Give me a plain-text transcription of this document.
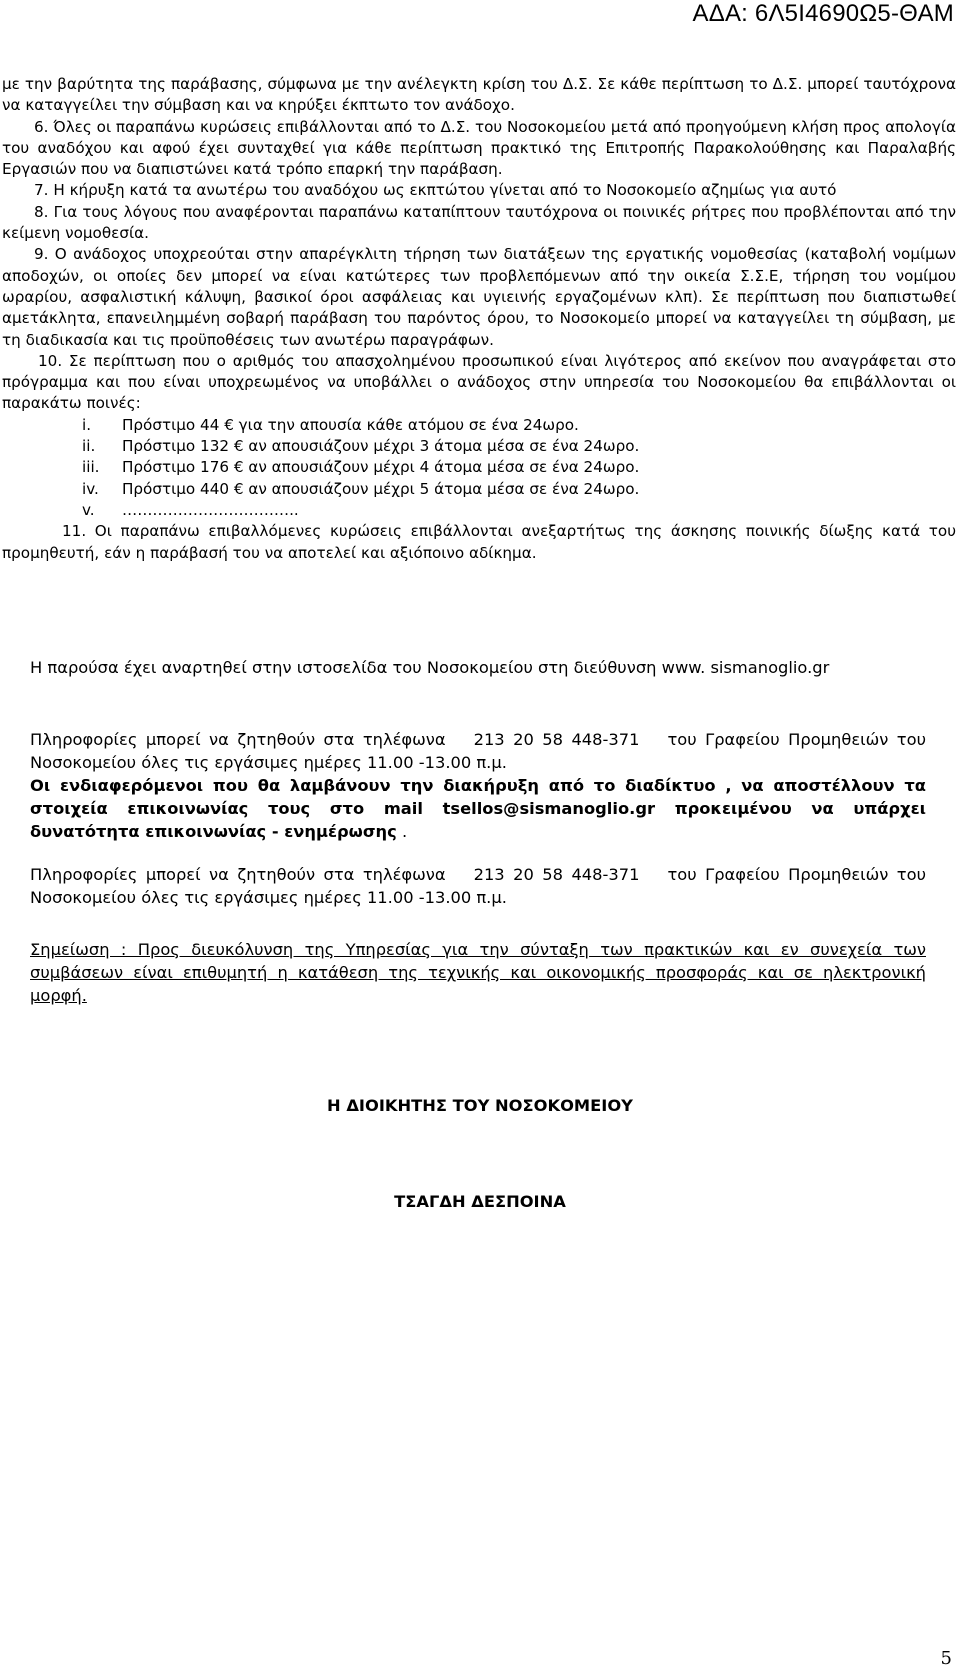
ΑΔΑ: 6Λ5Ι4690Ω5-ΘΑΜ

με την βαρύτητα της παράβασης, σύμφωνα με την ανέλεγκτη κρίση του Δ.Σ. Σε κάθε περίπτωση το Δ.Σ. μπορεί ταυτόχρονα να καταγγείλει την σύμβαση και να κηρύξει έκπτωτο τον ανάδοχο.

6. Όλες οι παραπάνω κυρώσεις επιβάλλονται από το Δ.Σ. του Νοσοκομείου μετά από προηγούμενη κλήση προς απολογία του αναδόχου και αφού έχει συνταχθεί για κάθε περίπτωση πρακτικό της Επιτροπής Παρακολούθησης και Παραλαβής Εργασιών που να διαπιστώνει κατά τρόπο επαρκή την παράβαση.

7. Η κήρυξη κατά τα ανωτέρω του αναδόχου ως εκπτώτου γίνεται από το Νοσοκομείο αζημίως για αυτό

8. Για τους λόγους που αναφέρονται παραπάνω καταπίπτουν ταυτόχρονα οι ποινικές ρήτρες που προβλέπονται από την κείμενη νομοθεσία.

9. Ο ανάδοχος υποχρεούται στην απαρέγκλιτη τήρηση των διατάξεων της εργατικής νομοθεσίας (καταβολή νομίμων αποδοχών, οι οποίες δεν μπορεί να είναι κατώτερες των προβλεπόμενων από την οικεία Σ.Σ.Ε, τήρηση του νομίμου ωραρίου, ασφαλιστική κάλυψη, βασικοί όροι ασφάλειας και υγιεινής εργαζομένων κλπ). Σε περίπτωση που διαπιστωθεί αμετάκλητα, επανειλημμένη σοβαρή παράβαση του παρόντος όρου, το Νοσοκομείο μπορεί να καταγγείλει τη σύμβαση, με τη διαδικασία και τις προϋποθέσεις των ανωτέρω παραγράφων.

10. Σε περίπτωση που ο αριθμός του απασχολημένου προσωπικού είναι λιγότερος από εκείνον που αναγράφεται στο πρόγραμμα και που είναι υποχρεωμένος να υποβάλλει ο ανάδοχος στην υπηρεσία του Νοσοκομείου θα επιβάλλονται οι παρακάτω ποινές:

i. Πρόστιμο 44 € για την απουσία κάθε ατόμου σε ένα 24ωρο.
ii. Πρόστιμο 132 € αν απουσιάζουν μέχρι 3 άτομα μέσα σε ένα 24ωρο.
iii. Πρόστιμο 176 € αν απουσιάζουν μέχρι 4 άτομα μέσα σε ένα 24ωρο.
iv. Πρόστιμο 440 € αν απουσιάζουν μέχρι 5 άτομα μέσα σε ένα 24ωρο.
v. ……………………………..

11. Οι παραπάνω επιβαλλόμενες κυρώσεις επιβάλλονται ανεξαρτήτως της άσκησης ποινικής δίωξης κατά του προμηθευτή, εάν η παράβασή του να αποτελεί και αξιόποινο αδίκημα.

Η παρούσα έχει αναρτηθεί στην ιστοσελίδα του Νοσοκομείου στη διεύθυνση www. sismanoglio.gr

Πληροφορίες μπορεί να ζητηθούν στα τηλέφωνα 213 20 58 448-371 του Γραφείου Προμηθειών του Νοσοκομείου όλες τις εργάσιμες ημέρες 11.00 -13.00 π.μ.

Οι ενδιαφερόμενοι που θα λαμβάνουν την διακήρυξη από το διαδίκτυο , να αποστέλλουν τα στοιχεία επικοινωνίας τους στο mail tsellos@sismanoglio.gr προκειμένου να υπάρχει δυνατότητα επικοινωνίας - ενημέρωσης .

Πληροφορίες μπορεί να ζητηθούν στα τηλέφωνα 213 20 58 448-371 του Γραφείου Προμηθειών του Νοσοκομείου όλες τις εργάσιμες ημέρες 11.00 -13.00 π.μ.

Σημείωση : Προς διευκόλυνση της Υπηρεσίας για την σύνταξη των πρακτικών και εν συνεχεία των συμβάσεων είναι επιθυμητή η κατάθεση της τεχνικής και οικονομικής προσφοράς και σε ηλεκτρονική μορφή.

Η ΔΙΟΙΚΗΤΗΣ ΤΟΥ ΝΟΣΟΚΟΜΕΙΟΥ
ΤΣΑΓΔΗ ΔΕΣΠΟΙΝΑ
5
